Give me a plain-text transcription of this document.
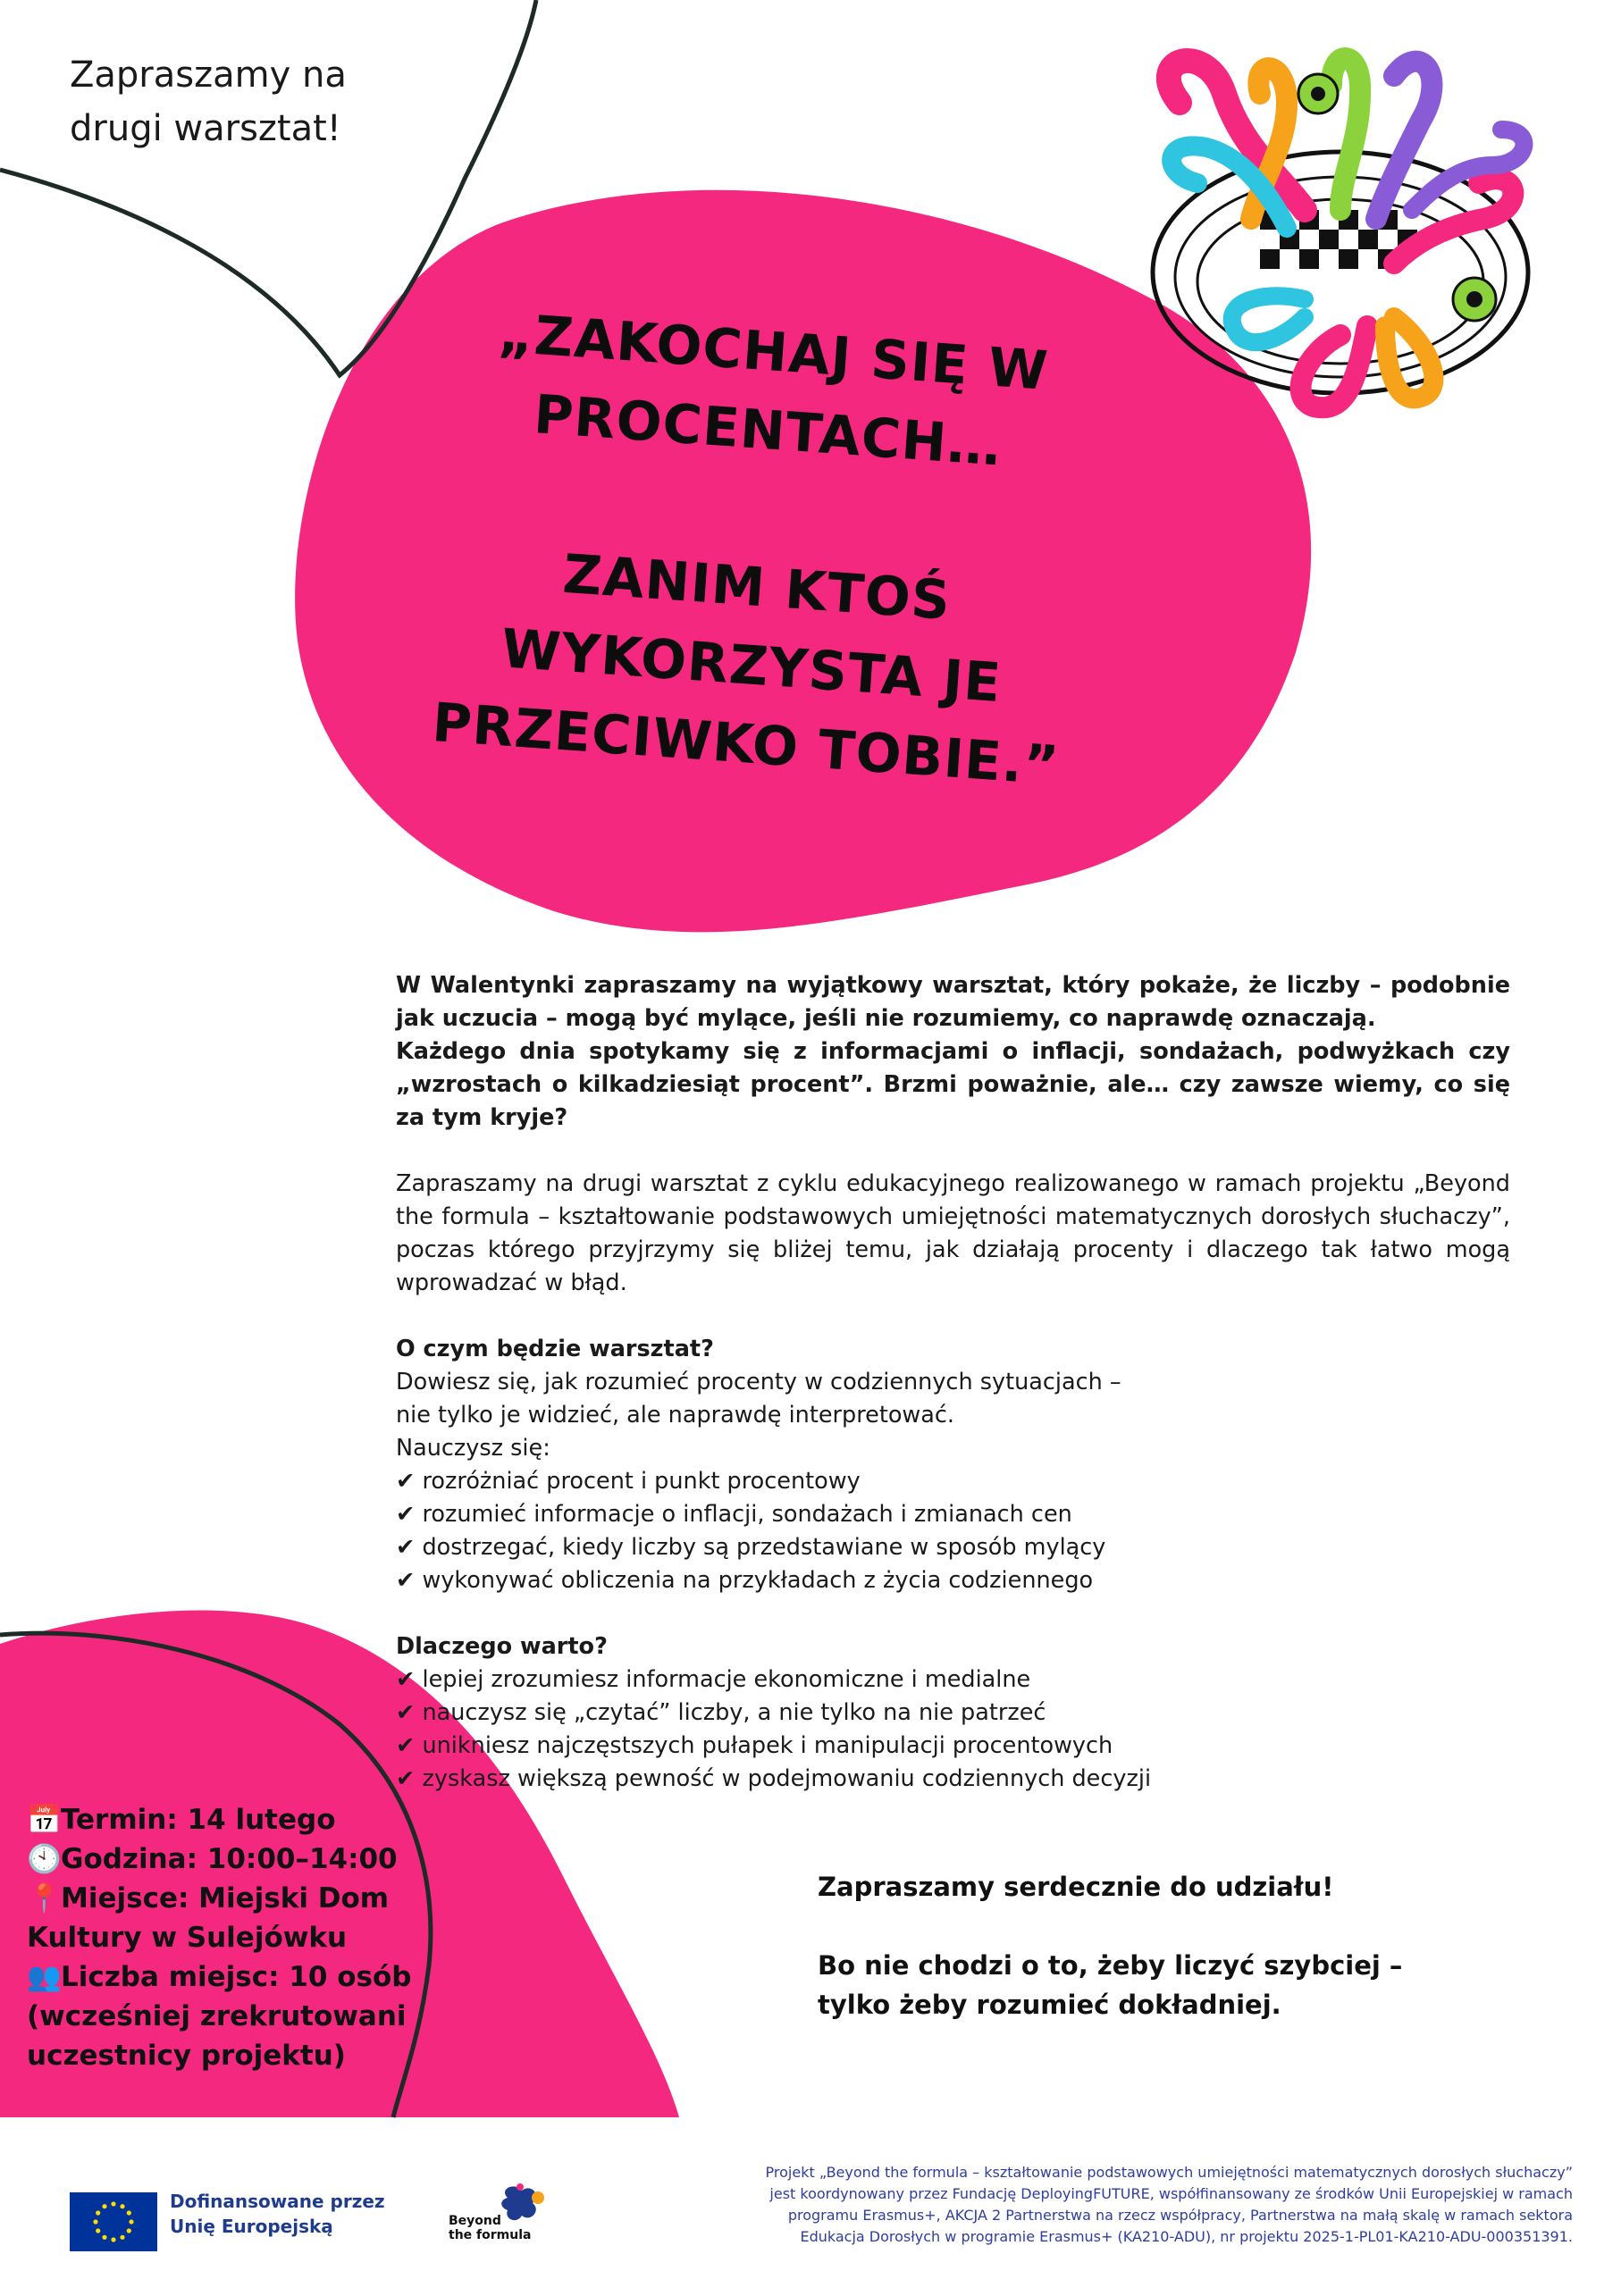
Zapraszamy na
drugi warsztat!
„ZAKOCHAJ SIĘ W
PROCENTACH…
ZANIM KTOŚ
WYKORZYSTA JE
PRZECIWKO TOBIE.”

W Walentynki zapraszamy na wyjątkowy warsztat, który pokaże, że liczby – podobnie jak uczucia – mogą być mylące, jeśli nie rozumiemy, co naprawdę oznaczają.

Każdego dnia spotykamy się z informacjami o inflacji, sondażach, podwyżkach czy „wzrostach o kilkadziesiąt procent”. Brzmi poważnie, ale… czy zawsze wiemy, co się za tym kryje?

Zapraszamy na drugi warsztat z cyklu edukacyjnego realizowanego w ramach projektu „Beyond the formula – kształtowanie podstawowych umiejętności matematycznych dorosłych słuchaczy”, poczas którego przyjrzymy się bliżej temu, jak działają procenty i dlaczego tak łatwo mogą wprowadzać w błąd.

O czym będzie warsztat?

Dowiesz się, jak rozumieć procenty w codziennych sytuacjach –

nie tylko je widzieć, ale naprawdę interpretować.

Nauczysz się:

✔ rozróżniać procent i punkt procentowy

✔ rozumieć informacje o inflacji, sondażach i zmianach cen

✔ dostrzegać, kiedy liczby są przedstawiane w sposób mylący

✔ wykonywać obliczenia na przykładach z życia codziennego

Dlaczego warto?

✔ lepiej zrozumiesz informacje ekonomiczne i medialne

✔ nauczysz się „czytać” liczby, a nie tylko na nie patrzeć

✔ unikniesz najczęstszych pułapek i manipulacji procentowych

✔ zyskasz większą pewność w podejmowaniu codziennych decyzji

📅Termin: 14 lutego
🕙Godzina: 10:00–14:00
📍Miejsce: Miejski Dom
Kultury w Sulejówku
👥Liczba miejsc: 10 osób
(wcześniej zrekrutowani
uczestnicy projektu)
Zapraszamy serdecznie do udziału!
Bo nie chodzi o to, żeby liczyć szybciej –
tylko żeby rozumieć dokładniej.
Dofinansowane przez
Unię Europejską	Beyond
the formula
Projekt „Beyond the formula – kształtowanie podstawowych umiejętności matematycznych dorosłych słuchaczy”
jest koordynowany przez Fundację DeployingFUTURE, współfinansowany ze środków Unii Europejskiej w ramach
programu Erasmus+, AKCJA 2 Partnerstwa na rzecz współpracy, Partnerstwa na małą skalę w ramach sektora
Edukacja Dorosłych w programie Erasmus+ (KA210-ADU), nr projektu 2025-1-PL01-KA210-ADU-000351391.
